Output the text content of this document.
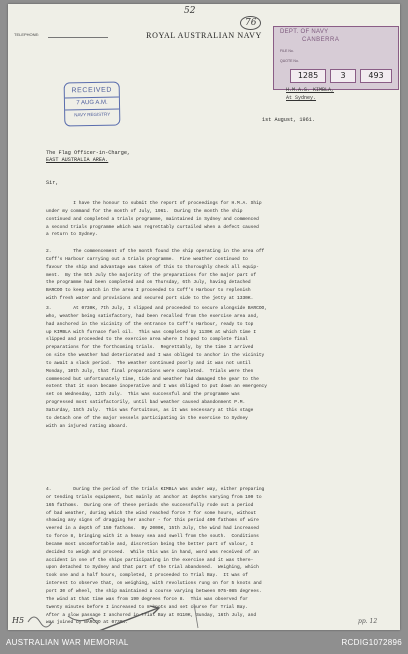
52
76
TELEPHONE:	ROYAL AUSTRALIAN NAVY	DEPT. OF NAVY
CANBERRA
FILE No.
QUOTE No.
1285	3	493
H.M.A.S. KIMBLA,
At Sydney.
RECEIVED
7 AUG A.M.
NAVY REGISTRY
1st August, 1961.
The Flag Officer-in-Charge,
EAST AUSTRALIA AREA.
Sir,
I have the honour to submit the report of proceedings for H.M.A. Ship
under my command for the month of July, 1961.  During the month the ship
continued and completed a trials programme, maintained in Sydney and commenced
a second trials programme which was regrettably curtailed when a defect caused
a return to Sydney.
2.        The commencement of the month found the ship operating in the area off
Coff's Harbour carrying out a trials programme.  Fine weather continued to
favour the ship and advantage was taken of this to thoroughly check all equip-
ment.  By the 5th July the majority of the preparations for the major part of
the programme had been completed and on Thursday, 6th July, having detached
BARCOO to keep watch in the area I proceeded to Coff's Harbour to replenish
with fresh water and provisions and secured port side to the jetty at 1330K.
3.        At 0730K, 7th July, I slipped and proceeded to secure alongside BARCOO,
who, weather being satisfactory, had been recalled from the exercise area and,
had anchored in the vicinity of the entrance to Coff's Harbour, ready to top
up KIMBLA with furnace fuel oil.  This was completed by 1130K at which time I
slipped and proceeded to the exercise area where I hoped to complete final
preparations for the forthcoming trials.  Regrettably, by the time I arrived
on site the weather had deteriorated and I was obliged to anchor in the vicinity
to await a slack period.  The weather continued poorly and it was not until
Monday, 10th July, that final preparations were completed.  Trials were then
commenced but unfortunately time, tide and weather had damaged the gear to the
extent that it soon became inoperative and I was obliged to put down an emergency
set on Wednesday, 12th July.  This was successful and the programme was
progressed most satisfactorily, until bad weather caused abandonment P.M.
Saturday, 15th July.  This was fortuitous, as it was necessary at this stage
to detach one of the major vessels participating in the exercise to Sydney
with an injured rating aboard.
4.        During the period of the trials KIMBLA was under way, either preparing
or tending trials equipment, but mainly at anchor at depths varying from 100 to
165 fathoms.  During one of these periods she successfully rode out a period
of bad weather, during which the wind reached force 7 for some hours, without
showing any signs of dragging her anchor - for this period 400 fathoms of wire
veered in a depth of 150 fathoms.  By 2000K, 15th July, the wind had increased
to force 8, bringing with it a heavy sea and swell from the south.  Conditions
became most uncomfortable and, discretion being the better part of valour, I
decided to weigh and proceed.  While this was in hand, word was received of an
accident in one of the ships participating in the exercise and it was there-
upon detached to Sydney and that part of the trial abandoned.  Weighing, which
took one and a half hours, completed, I proceeded to Trial Bay.  It was of
interest to observe that, on weighing, with revolutions rung on for 5 knots and
port 30 of wheel, the ship maintained a course varying between 075-085 degrees.
The wind at that time was from 190 degrees force 8.  This was observed for
twenty minutes before I increased to 8 knots and set course for Trial Bay.
After a slow passage I anchored in Trial Bay at 0110K, Sunday, 16th July, and
was joined by BARCOO at 0730K.
H5	pp. 12
AUSTRALIAN WAR MEMORIAL	RCDIG1072896
